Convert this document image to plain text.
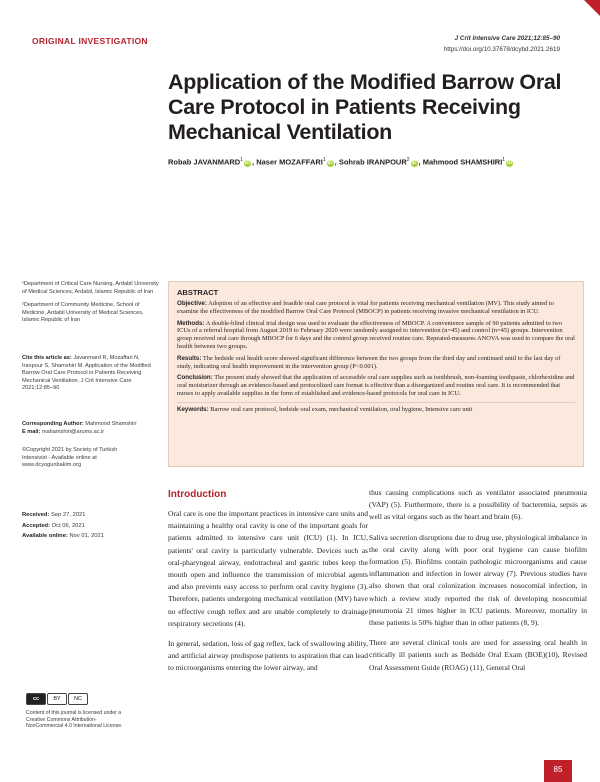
ORIGINAL INVESTIGATION	J Crit Intensive Care 2021;12:85–90
https://doi.org/10.37678/dcybd.2021.2619
Application of the Modified Barrow Oral Care Protocol in Patients Receiving Mechanical Ventilation
Robab JAVANMARD$^1$ iD , Naser MOZAFFARI$^1$ iD , Sohrab IRANPOUR$^2$ iD , Mahmood SHAMSHIRI$^1$ iD

¹Department of Critical Care Nursing, Ardabil University of Medical Sciences, Ardabil, Islamic Republic of Iran

²Department of Community Medicine, School of Medicine, Ardabil University of Medical Sciences, Islamic Republic of Iran

Cite this article as: Javanmard R, Mozaffari N, Iranpour S, Shamshiri M. Application of the Modified Barrow Oral Care Protocol in Patients Receiving Mechanical Ventilation. J Crit Intensive Care 2021;12:85–90

Corresponding Author: Mahmood Shamshiri

E mail: mahamshiri@arums.ac.ir

©Copyright 2021 by Society of Turkish Intensivist - Available online at www.dcyogunbakim.org
Received: Sep 27, 2021
Accepted: Oct 06, 2021
Available online: Nov 01, 2021
cc	BY	NC
Content of this journal is licensed under a Creative Commons Attribution-NonCommercial 4.0 International License.
ABSTRACT

Objective: Adoption of an effective and feasible oral care protocol is vital for patients receiving mechanical ventilation (MV). This study aimed to examine the effectiveness of the modified Barrow Oral Care Protocol (MBOCP) in patients receiving invasive mechanical ventilation in ICU.

Methods: A double-blind clinical trial design was used to evaluate the effectiveness of MBOCP. A convenience sample of 90 patients admitted to two ICUs of a referral hospital from August 2019 to February 2020 were randomly assigned to intervention (n=45) and control (n=45) groups. Intervention group received oral care through MBOCP for 6 days and the control group received routine care. Repeated-measures ANOVA was used to compare the oral health between two groups.

Results: The bedside oral health score showed significant difference between the two groups from the third day and continued until to the last day of study, indicating oral health improvement in the intervention group (P<0.001).

Conclusion: The present study showed that the application of accessible oral care supplies such as toothbrush, non-foaming toothpaste, chlorhexidine and oral moisturizer through an evidence-based and protocolized care format is effective than a disorganized and routine oral care. It is recommended that nurses to apply available supplies in the form of established and evidence-based protocols for oral care in ICU.

Keywords: Barrow oral care protocol, bedside oral exam, mechanical ventilation, oral hygiene, Intensive care unit

Introduction

Oral care is one the important practices in intensive care units and maintaining a healthy oral cavity is one of the important goals for patients admitted to intensive care unit (ICU) (1). In ICU, patients' oral cavity is particularly vulnerable. Devices such as oral-pharyngeal airway, endotracheal and gastric tubes keep the mouth open and influence the transmission of microbial agents and also prevents easy access to perform oral cavity hygiene (3). Therefore, patients undergoing mechanical ventilation (MV) have no effective cough reflex and are unable completely to drainage respiratory secretions (4).

In general, sedation, loss of gag reflex, lack of swallowing ability, and artificial airway predispose patients to aspiration that can lead to microorganisms entering the lower airway, and

thus causing complications such as ventilator associated pneumonia (VAP) (5). Furthermore, there is a possibility of bacteremia, sepsis as well as vital organs such as the heart and brain (6).

Saliva secretion disruptions due to drug use, physiological imbalance in the oral cavity along with poor oral hygiene can cause biofilm formation (5). Biofilms contain pathologic microorganisms and cause inflammation and infection in lower airway (7). Previous studies have also shown that oral colonization increases nosocomial infection, in which a review study reported the risk of developing nosocomial pneumonia 21 times higher in ICU patients. Moreover, mortality in these patients is 50% higher than in other patients (8, 9).

There are several clinical tools are used for assessing oral health in critically ill patients such as Bedside Oral Exam (BOE)(10), Revised Oral Assessment Guide (ROAG) (11), General Oral

85
